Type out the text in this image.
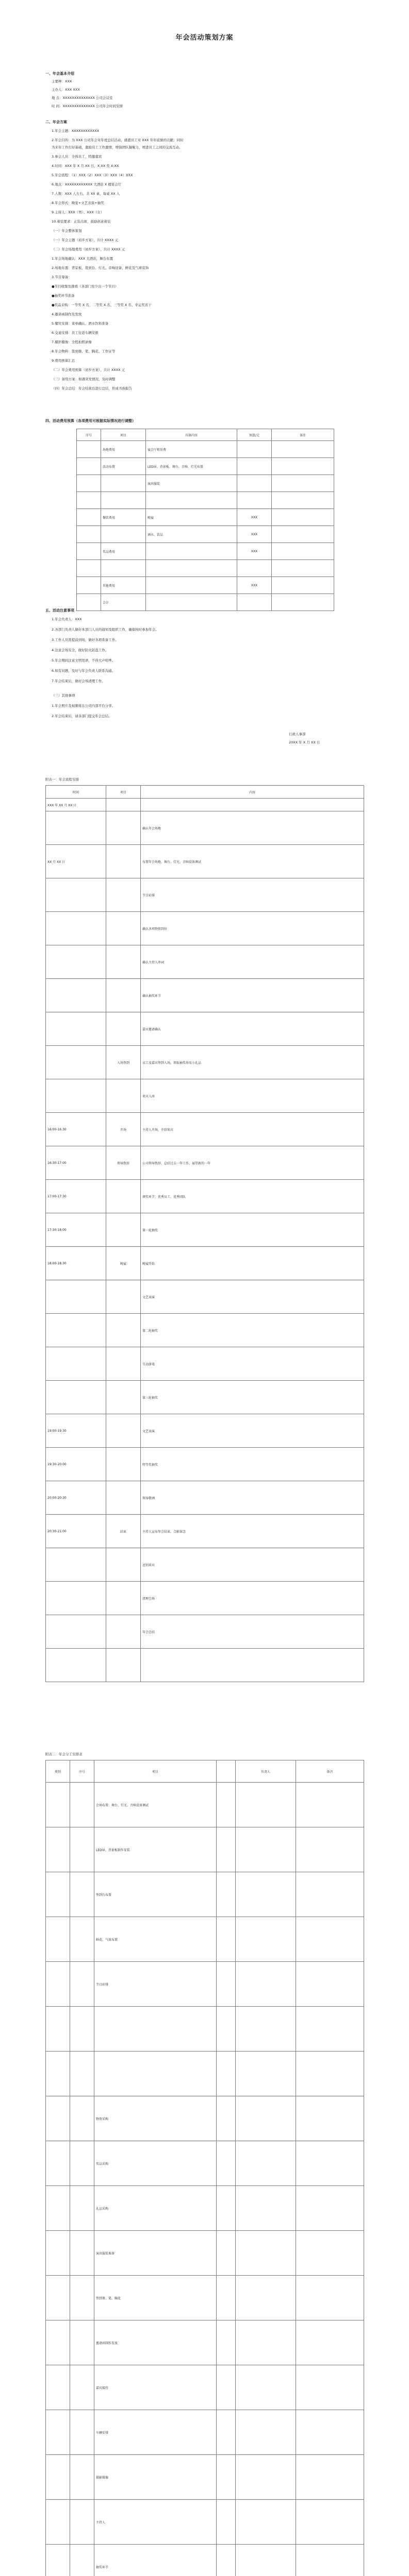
年会活动策划方案
一、年会基本介绍
主要种：XXX
主办人：XXX XXX
地 点：XXXXXXXXXXXXXX 公司会议室
时 间：XXXXXXXXXXXXXX 公司年会时间安排
二、年会方案
1.年会主题：XXXXXXXXXXXX
2.年会目的：为 XXX 公司年会对年度总结活动，感恩员工对 XXX 年年底做的贡献；同时
为来年工作打好基础，激励员工工作激情，增强团队凝聚力，增进员工之间的交流互动。
3.参会人员：全体员工、特邀嘉宾
4.时间：XXX 年 X 月 XX 日，X:XX 至 X:XX
5.年会流程：（1）XXX（2）XXX（3）XXX（4）XXX
6.地点：XXXXXXXXXXXX 大酒店 X 楼宴会厅
7.人数：XXX 人左右，共 XX 桌，每桌 XX 人
8.年会形式：晚宴+文艺表演+抽奖
9.主持人：XXX（男）、XXX（女）
10.着装要求：正装出席，鼓励创意着装
（一）年会整体策划
（一）年会主题（初步方案），共计 XXXX 元
（二）年会场地费用（初步方案），共计 XXXX 元
1.年会场地确认：XXX 大酒店，舞台布置
2.场地布置：背景板、签到台、灯光、音响设备、鲜花及气球装饰
3.节目筹备：
●节目收集及排练（各部门至少出一个节目）
●抽奖环节准备
●奖品采购：一等奖 X 名、二等奖 X 名、三等奖 X 名、幸运奖若干
4.邀请函制作及发放
5.餐饮安排：菜单确认、酒水饮料准备
6.交通安排：员工往返车辆安排
7.摄影摄像：全程拍照录像
8.年会物料：签到册、笔、胸花、工作证等
9.费用预算汇总
（二）年会费用预算（初步方案），共计 XXXX 元
（三）备用方案：如遇突发情况，及时调整
（四）年会总结：年会结束后进行总结，形成书面报告
四、活动费用预算（各项费用可根据实际情况进行调整）
序号	项目	具体内容	预算/元	备注
	场地费用	宴会厅租赁费		
	活动布置	LED屏、背景板、舞台、音响、灯光布置		
		演出服装		

	餐饮费用	晚宴	XXX	
		酒水、饮品	XXX	
	奖品费用		XXX	

	其他费用		XXX	
	合计			
五、活动注意事项
1.年会负责人：XXX
2.各部门负责人做好本部门人员的通知及组织工作，确保按时参加年会。
3.工作人员需提前到场，做好各项准备工作。
4.注意会场安全，做好防火防盗工作。
5.年会期间注意文明用语，不得大声喧哗。
6.如有问题，及时与年会负责人联系沟通。
7.年会结束后，做好会场清理工作。
（三）其他事项
1.年会照片及视频将在公司内部平台分享。
2.年会结束后，请各部门提交年会总结。
行政人事部
20XX 年 X 月 XX 日
附表一：年会流程安排
时间	项目	内容
XXX 年 XX 月 XX 日		
		确认年会场地
XX 月 XX 日		布置年会场地，舞台、灯光、音响设备调试
		节目彩排
		确认各项物资到位
		确认主持人串词
		确认抽奖环节
		嘉宾邀请确认
	入场签到	员工及嘉宾签到入场，领取抽奖券及小礼品
		来宾入座
16:00-16:30	开场	主持人开场，介绍来宾
16:30-17:00	领导致辞	公司领导致辞，总结过去一年工作，展望新的一年
17:00-17:30		颁奖环节：优秀员工、优秀团队
17:30-18:00		第一轮抽奖
18:00-18:30	晚宴	晚宴开始
		文艺表演
		第二轮抽奖
		互动游戏
		第三轮抽奖
19:00-19:30		文艺表演
19:30-20:00		特等奖抽奖
20:00-20:30		领导敬酒
20:30-21:00	结束	主持人宣布年会结束，合影留念
		送别来宾
		清理会场
		年会总结

附表二：年会分工安排表
类别	序号	项目		负责人	备注
		会场布置：舞台、灯光、音响设备调试			
		LED屏、背景板制作安装			
		签到台布置			
		鲜花、气球布置			
		节目彩排			

		物资采购			
		奖品采购			
		礼品采购			
		演出服装准备			
		签到册、笔、胸花			
		邀请函制作发放			
		嘉宾接待			
		车辆安排			
		摄影摄像			
		主持人			
		抽奖环节			
